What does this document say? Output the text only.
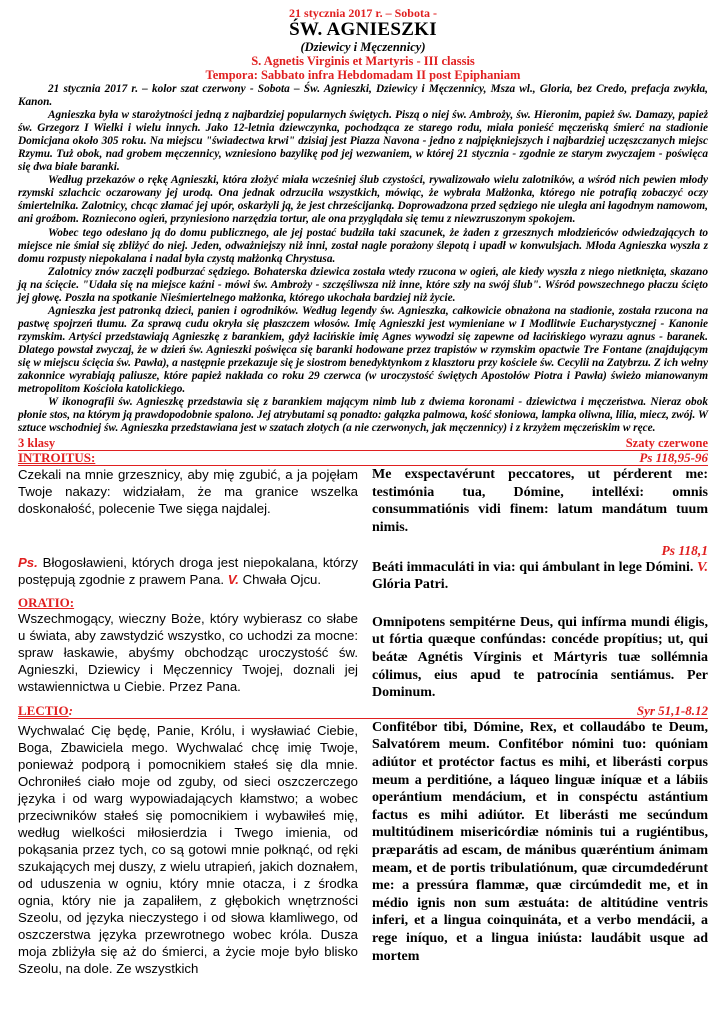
21 stycznia 2017 r. – Sobota -
ŚW. AGNIESZKI
(Dziewicy i Męczennicy)
S. Agnetis Virginis et Martyris - III classis
Tempora: Sabbato infra Hebdomadam II post Epiphaniam

21 stycznia 2017 r. – kolor szat czerwony - Sobota – Św. Agnieszki, Dziewicy i Męczennicy, Msza wl., Gloria, bez Credo, prefacja zwykła, Kanon.

Agnieszka była w starożytności jedną z najbardziej popularnych świętych. Piszą o niej św. Ambroży, św. Hieronim, papież św. Damazy, papież św. Grzegorz I Wielki i wielu innych. Jako 12-letnia dziewczynka, pochodząca ze starego rodu, miała ponieść męczeńską śmierć na stadionie Domicjana około 305 roku. Na miejscu "świadectwa krwi" dzisiaj jest Piazza Navona - jedno z najpiękniejszych i najbardziej uczęszczanych miejsc Rzymu. Tuż obok, nad grobem męczennicy, wzniesiono bazylikę pod jej wezwaniem, w której 21 stycznia - zgodnie ze starym zwyczajem - poświęca się dwa białe baranki.

Według przekazów o rękę Agnieszki, która złożyć miała wcześniej ślub czystości, rywalizowało wielu zalotników, a wśród nich pewien młody rzymski szlachcic oczarowany jej urodą. Ona jednak odrzuciła wszystkich, mówiąc, że wybrała Małżonka, którego nie potrafią zobaczyć oczy śmiertelnika. Zalotnicy, chcąc złamać jej upór, oskarżyli ją, że jest chrześcijanką. Doprowadzona przed sędziego nie uległa ani łagodnym namowom, ani groźbom. Rozniecono ogień, przyniesiono narzędzia tortur, ale ona przyglądała się temu z niewzruszonym spokojem.

Wobec tego odesłano ją do domu publicznego, ale jej postać budziła taki szacunek, że żaden z grzesznych młodzieńców odwiedzających to miejsce nie śmiał się zbliżyć do niej. Jeden, odważniejszy niż inni, został nagle porażony ślepotą i upadł w konwulsjach. Młoda Agnieszka wyszła z domu rozpusty niepokalana i nadal była czystą małżonką Chrystusa.

Zalotnicy znów zaczęli podburzać sędziego. Bohaterska dziewica została wtedy rzucona w ogień, ale kiedy wyszła z niego nietknięta, skazano ją na ścięcie. "Udała się na miejsce kaźni - mówi św. Ambroży - szczęśliwsza niż inne, które szły na swój ślub". Wśród powszechnego płaczu ścięto jej głowę. Poszła na spotkanie Nieśmiertelnego małżonka, którego ukochała bardziej niż życie.

Agnieszka jest patronką dzieci, panien i ogrodników. Według legendy św. Agnieszka, całkowicie obnażona na stadionie, została rzucona na pastwę spojrzeń tłumu. Za sprawą cudu okryła się płaszczem włosów. Imię Agnieszki jest wymieniane w I Modlitwie Eucharystycznej - Kanonie rzymskim. Artyści przedstawiają Agnieszkę z barankiem, gdyż łacińskie imię Agnes wywodzi się zapewne od łacińskiego wyrazu agnus - baranek. Dlatego powstał zwyczaj, że w dzień św. Agnieszki poświęca się baranki hodowane przez trapistów w rzymskim opactwie Tre Fontane (znajdującym się w miejscu ścięcia św. Pawła), a następnie przekazuje się je siostrom benedyktynkom z klasztoru przy kościele św. Cecylii na Zatybrzu. Z ich wełny zakonnice wyrabiają paliusze, które papież nakłada co roku 29 czerwca (w uroczystość świętych Apostołów Piotra i Pawła) świeżo mianowanym metropolitom Kościoła katolickiego.

W ikonografii św. Agnieszkę przedstawia się z barankiem mającym nimb lub z dwiema koronami - dziewictwa i męczeństwa. Nieraz obok płonie stos, na którym ją prawdopodobnie spalono. Jej atrybutami są ponadto: gałązka palmowa, kość słoniowa, lampka oliwna, lilia, miecz, zwój. W sztuce wschodniej św. Agnieszka przedstawiana jest w szatach złotych (a nie czerwonych, jak męczennicy) i z krzyżem męczeńskim w ręce.

3 klasy	Szaty czerwone
INTROITUS:	Ps 118,95-96

Czekali na mnie grzesznicy, aby mię zgubić, a ja pojęłam Twoje nakazy: widziałam, że ma granice wszelka doskonałość, polecenie Twe sięga najdalej.

Ps. Błogosławieni, których droga jest niepokalana, którzy postępują zgodnie z prawem Pana. V. Chwała Ojcu.

Me exspectavérunt peccatores, ut pérderent me: testimónia tua, Dómine, intelléxi: omnis consummatiónis vidi finem: latum mandátum tuum nimis.

Ps 118,1

Beáti immaculáti in via: qui ámbulant in lege Dómini. V. Glória Patri.

ORATIO:

Wszechmogący, wieczny Boże, który wybierasz co słabe u świata, aby zawstydzić wszystko, co uchodzi za mocne: spraw łaskawie, abyśmy obchodząc uroczystość św. Agnieszki, Dziewicy i Męczennicy Twojej, doznali jej wstawiennictwa u Ciebie. Przez Pana.

Omnipotens sempitérne Deus, qui infírma mundi éligis, ut fórtia quæque confúndas: concéde propítius; ut, qui beátæ Agnétis Vírginis et Mártyris tuæ sollémnia cólimus, eius apud te patrocínia sentiámus. Per Dominum.

LECTIO:	Syr 51,1-8.12

Wychwalać Cię będę, Panie, Królu, i wysławiać Ciebie, Boga, Zbawiciela mego. Wychwalać chcę imię Twoje, ponieważ podporą i pomocnikiem stałeś się dla mnie. Ochroniłeś ciało moje od zguby, od sieci oszczerczego języka i od warg wypowiadających kłamstwo; a wobec przeciwników stałeś się pomocnikiem i wybawiłeś mię, według wielkości miłosierdzia i Twego imienia, od pokąsania przez tych, co są gotowi mnie połknąć, od ręki szukających mej duszy, z wielu utrapień, jakich doznałem, od uduszenia w ogniu, który mnie otacza, i z środka ognia, który nie ja zapaliłem, z głębokich wnętrzności Szeolu, od języka nieczystego i od słowa kłamliwego, od oszczerstwa języka przewrotnego wobec króla. Dusza moja zbliżyła się aż do śmierci, a życie moje było blisko Szeolu, na dole. Ze wszystkich

Confitébor tibi, Dómine, Rex, et collaudábo te Deum, Salvatórem meum. Confitébor nómini tuo: quóniam adiútor et protéctor factus es mihi, et liberásti corpus meum a perditióne, a láqueo linguæ iníquæ et a lábiis operántium mendácium, et in conspéctu astántium factus es mihi adiútor. Et liberásti me secúndum multitúdinem misericórdiæ nóminis tui a rugiéntibus, præparátis ad escam, de mánibus quæréntium ánimam meam, et de portis tribulatiónum, quæ circumdedérunt me: a pressúra flammæ, quæ circúmdedit me, et in médio ignis non sum æstuáta: de altitúdine ventris inferi, et a lingua coinquináta, et a verbo mendácii, a rege iníquo, et a lingua iniústa: laudábit usque ad mortem
